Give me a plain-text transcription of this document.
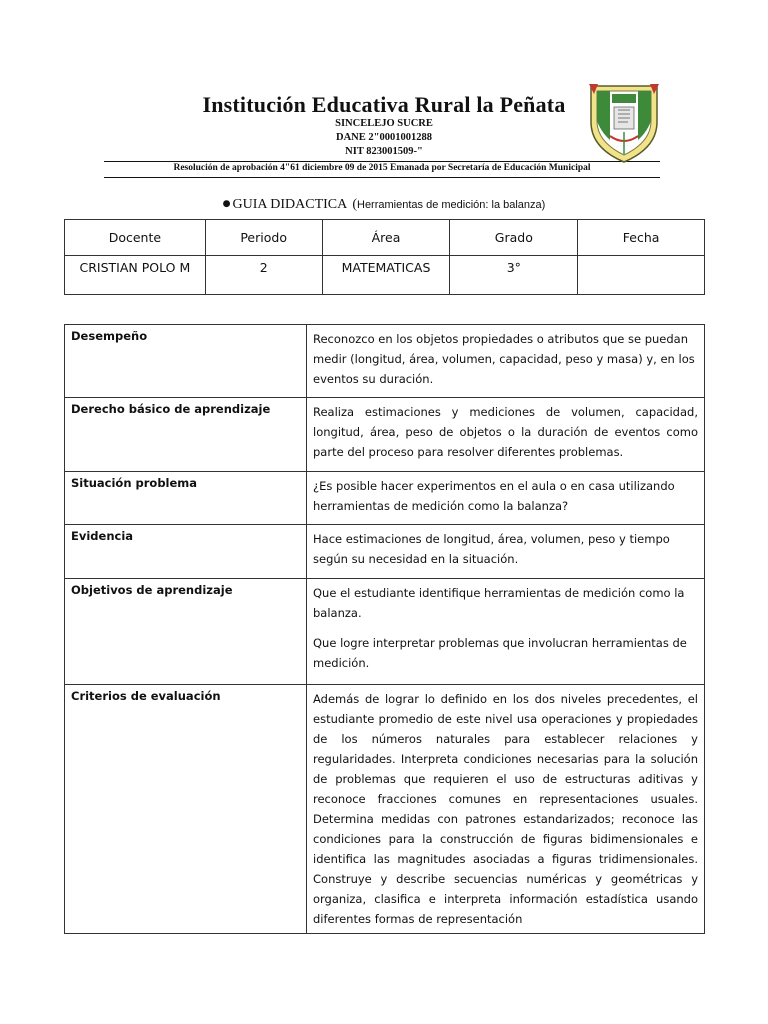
Institución Educativa Rural la Peñata
SINCELEJO SUCRE
DANE 2"0001001288
NIT 823001509-"
Resolución de aprobación 4"61 diciembre 09 de 2015 Emanada por Secretaría de Educación Municipal
● GUIA DIDACTICA (Herramientas de medición: la balanza)
Docente	Periodo	Área	Grado	Fecha
CRISTIAN POLO M	2	MATEMATICAS	3°	
Desempeño	Reconozco en los objetos propiedades o atributos que se puedan medir (longitud, área, volumen, capacidad, peso y masa) y, en los eventos su duración.

Derecho básico de aprendizaje	Realiza estimaciones y mediciones de volumen, capacidad, longitud, área, peso de objetos o la duración de eventos como parte del proceso para resolver diferentes problemas.

Situación problema	¿Es posible hacer experimentos en el aula o en casa utilizando herramientas de medición como la balanza?

Evidencia	Hace estimaciones de longitud, área, volumen, peso y tiempo según su necesidad en la situación.

Objetivos de aprendizaje	Que el estudiante identifique herramientas de medición como la balanza.
Que logre interpretar problemas que involucran herramientas de medición.

Criterios de evaluación	Además de lograr lo definido en los dos niveles precedentes, el estudiante promedio de este nivel usa operaciones y propiedades de los números naturales para establecer relaciones y regularidades. Interpreta condiciones necesarias para la solución de problemas que requieren el uso de estructuras aditivas y reconoce fracciones comunes en representaciones usuales. Determina medidas con patrones estandarizados; reconoce las condiciones para la construcción de figuras bidimensionales e identifica las magnitudes asociadas a figuras tridimensionales. Construye y describe secuencias numéricas y geométricas y organiza, clasifica e interpreta información estadística usando diferentes formas de representación
